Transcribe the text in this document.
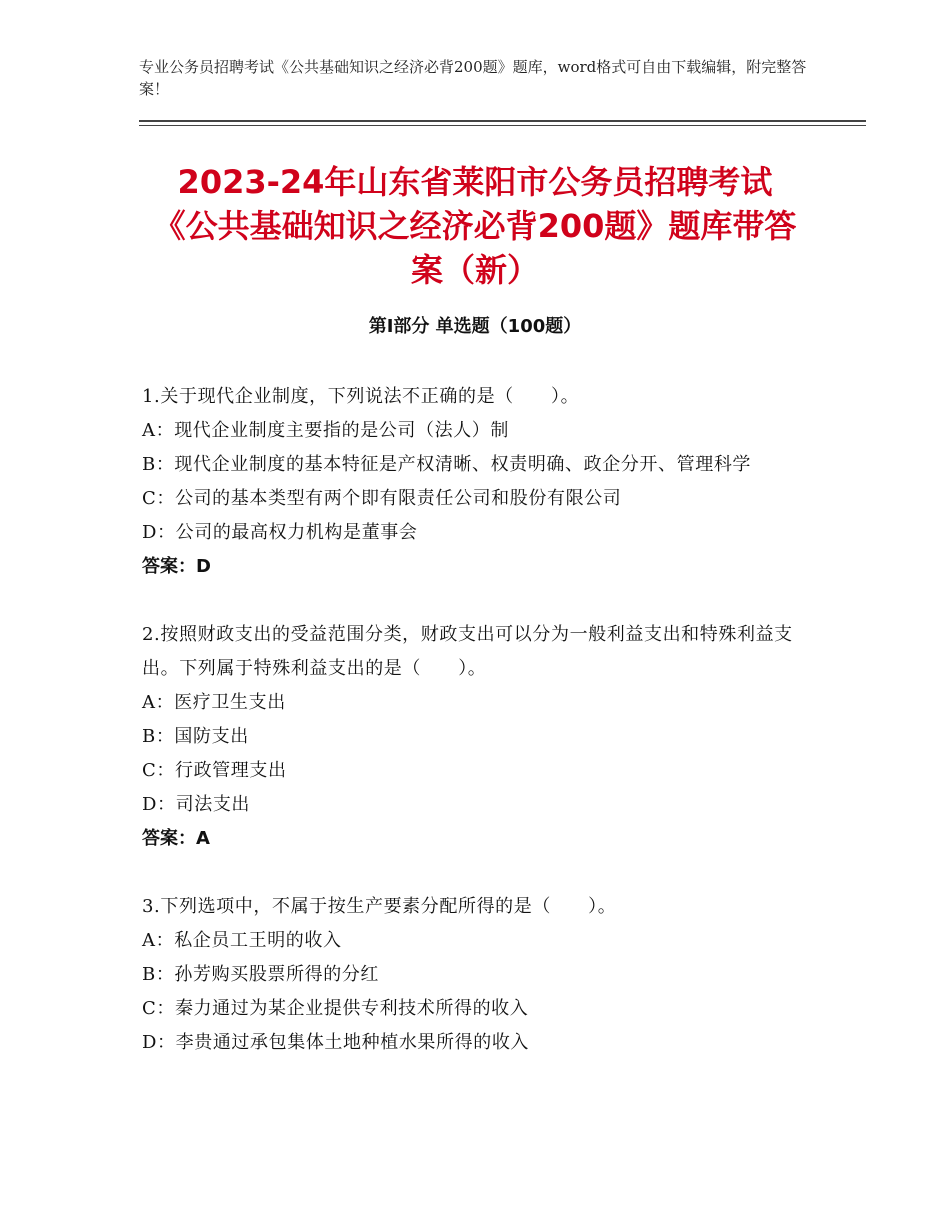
专业公务员招聘考试《公共基础知识之经济必背200题》题库，word格式可自由下载编辑，附完整答案！
2023-24年山东省莱阳市公务员招聘考试《公共基础知识之经济必背200题》题库带答案（新）
第I部分 单选题（100题）
1.关于现代企业制度，下列说法不正确的是（　　）。
A：现代企业制度主要指的是公司（法人）制
B：现代企业制度的基本特征是产权清晰、权责明确、政企分开、管理科学
C：公司的基本类型有两个即有限责任公司和股份有限公司
D：公司的最高权力机构是董事会
答案：D
2.按照财政支出的受益范围分类，财政支出可以分为一般利益支出和特殊利益支出。下列属于特殊利益支出的是（　　）。
A：医疗卫生支出
B：国防支出
C：行政管理支出
D：司法支出
答案：A
3.下列选项中，不属于按生产要素分配所得的是（　　）。
A：私企员工王明的收入
B：孙芳购买股票所得的分红
C：秦力通过为某企业提供专利技术所得的收入
D：李贵通过承包集体土地种植水果所得的收入
